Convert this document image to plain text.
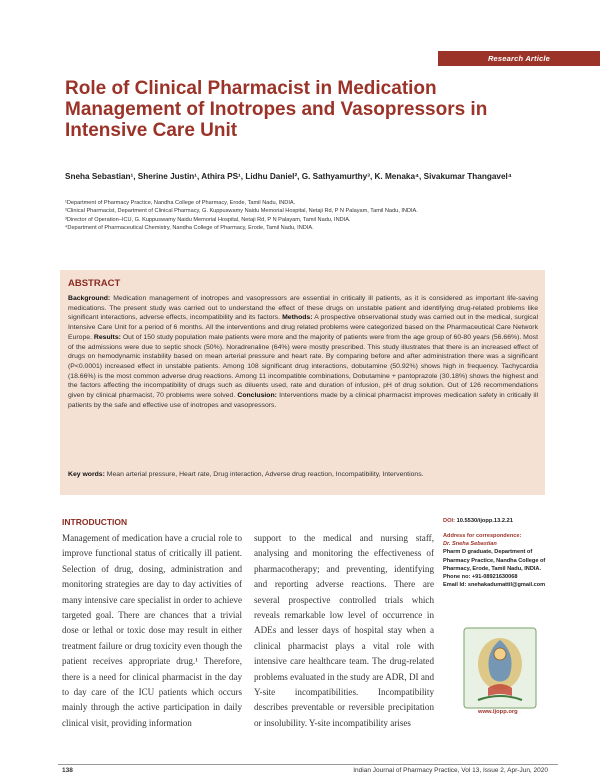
Research Article
Role of Clinical Pharmacist in Medication Management of Inotropes and Vasopressors in Intensive Care Unit
Sneha Sebastian¹, Sherine Justin¹, Athira PS¹, Lidhu Daniel², G. Sathyamurthy³, K. Menaka⁴, Sivakumar Thangavel⁴
¹Department of Pharmacy Practice, Nandha College of Pharmacy, Erode, Tamil Nadu, INDIA.
²Clinical Pharmacist, Department of Clinical Pharmacy, G. Kuppuswamy Naidu Memorial Hospital, Netaji Rd, P N Palayam, Tamil Nadu, INDIA.
³Director of Operation–ICU, G. Kuppuswamy Naidu Memorial Hospital, Netaji Rd, P N Palayam, Tamil Nadu, INDIA.
⁴Department of Pharmaceutical Chemistry, Nandha College of Pharmacy, Erode, Tamil Nadu, INDIA.
ABSTRACT
Background: Medication management of inotropes and vasopressors are essential in critically ill patients, as it is considered as important life-saving medications. The present study was carried out to understand the effect of these drugs on unstable patient and identifying drug-related problems like significant interactions, adverse effects, incompatibility and its factors. Methods: A prospective observational study was carried out in the medical, surgical Intensive Care Unit for a period of 6 months. All the interventions and drug related problems were categorized based on the Pharmaceutical Care Network Europe. Results: Out of 150 study population male patients were more and the majority of patients were from the age group of 60-80 years (56.66%). Most of the admissions were due to septic shock (50%). Noradrenaline (64%) were mostly prescribed. This study illustrates that there is an increased effect of drugs on hemodynamic instability based on mean arterial pressure and heart rate. By comparing before and after administration there was a significant (P<0.0001) increased effect in unstable patients. Among 108 significant drug interactions, dobutamine (50.92%) shows high in frequency. Tachycardia (18.66%) is the most common adverse drug reactions. Among 11 incompatible combinations, Dobutamine + pantoprazole (30.18%) shows the highest and the factors affecting the incompatibility of drugs such as diluents used, rate and duration of infusion, pH of drug solution. Out of 126 recommendations given by clinical pharmacist, 70 problems were solved. Conclusion: Interventions made by a clinical pharmacist improves medication safety in critically ill patients by the safe and effective use of inotropes and vasopressors.
Key words: Mean arterial pressure, Heart rate, Drug interaction, Adverse drug reaction, Incompatibility, Interventions.
INTRODUCTION
Management of medication have a crucial role to improve functional status of critically ill patient. Selection of drug, dosing, administration and monitoring strategies are day to day activities of many intensive care specialist in order to achieve targeted goal. There are chances that a trivial dose or lethal or toxic dose may result in either treatment failure or drug toxicity even though the patient receives appropriate drug.¹ Therefore, there is a need for clinical pharmacist in the day to day care of the ICU patients which occurs mainly through the active participation in daily clinical visit, providing information
support to the medical and nursing staff, analysing and monitoring the effectiveness of pharmacotherapy; and preventing, identifying and reporting adverse reactions. There are several prospective controlled trials which reveals remarkable low level of occurrence in ADEs and lesser days of hospital stay when a clinical pharmacist plays a vital role with intensive care healthcare team. The drug-related problems evaluated in the study are ADR, DI and Y-site incompatibilities. Incompatibility describes preventable or reversible precipitation or insolubility. Y-site incompatibility arises
DOI: 10.5530/ijopp.13.2.21
Address for correspondence:
Dr. Sneha Sebastian
Pharm D graduate, Department of Pharmacy Practice, Nandha College of Pharmacy, Erode, Tamil Nadu, INDIA.
Phone no: +91-08921630068
Email Id: snehakadumattil@gmail.com
www.ijopp.org
138	Indian Journal of Pharmacy Practice, Vol 13, Issue 2, Apr-Jun, 2020
